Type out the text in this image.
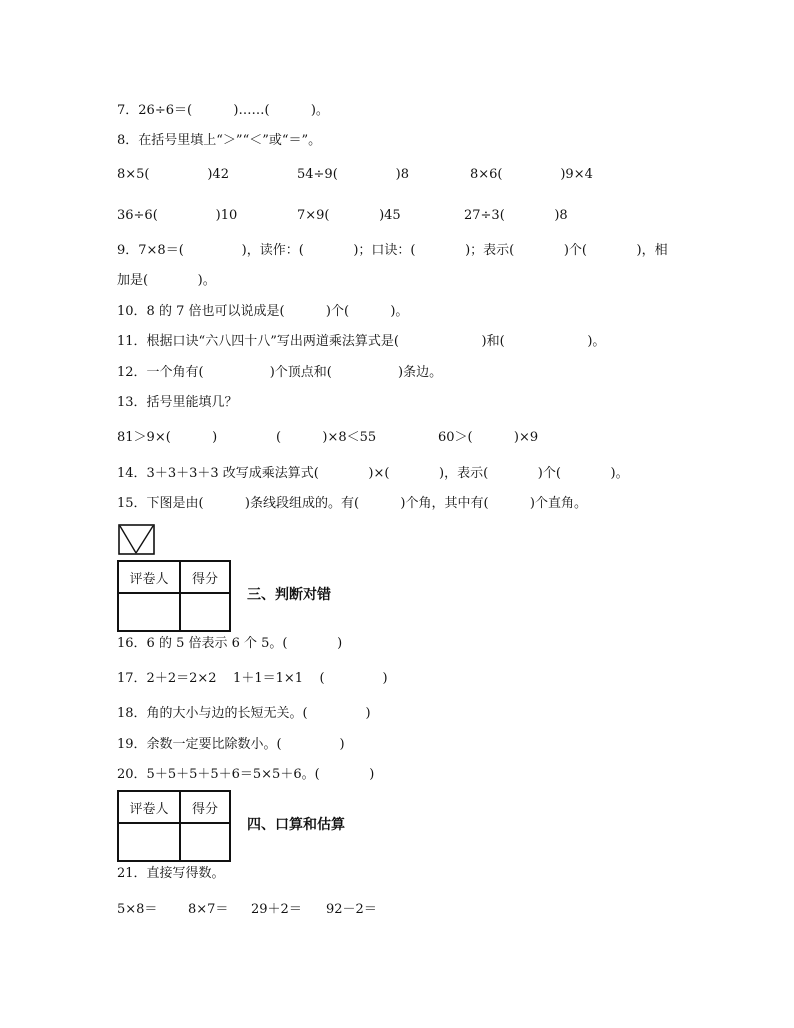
7．26÷6＝(          )……(          )。
8．在括号里填上“＞”“＜”或“＝”。
8×5(              )42	54÷9(              )8	8×6(              )9×4
36÷6(              )10	7×9(            )45	27÷3(            )8
9．7×8＝(              )，读作：(            )；口诀：(            )；表示(            )个(            )，相
加是(            )。
10．8 的 7 倍也可以说成是(          )个(          )。
11．根据口诀“六八四十八”写出两道乘法算式是(                    )和(                    )。
12．一个角有(                )个顶点和(                )条边。
13．括号里能填几？
81＞9×(          )	(          )×8＜55	60＞(          )×9
14．3＋3＋3＋3 改写成乘法算式(            )×(            )，表示(            )个(            )。
15．下图是由(          )条线段组成的。有(          )个角，其中有(          )个直角。
评卷人	得分
三、判断对错
16．6 的 5 倍表示 6 个 5。(            )
17．2＋2＝2×2    1＋1＝1×1    (              )
18．角的大小与边的长短无关。(              )
19．余数一定要比除数小。(              )
20．5＋5＋5＋5＋6＝5×5＋6。(            )
评卷人	得分
四、口算和估算
21．直接写得数。
5×8＝ 8×7＝ 29＋2＝ 92－2＝
